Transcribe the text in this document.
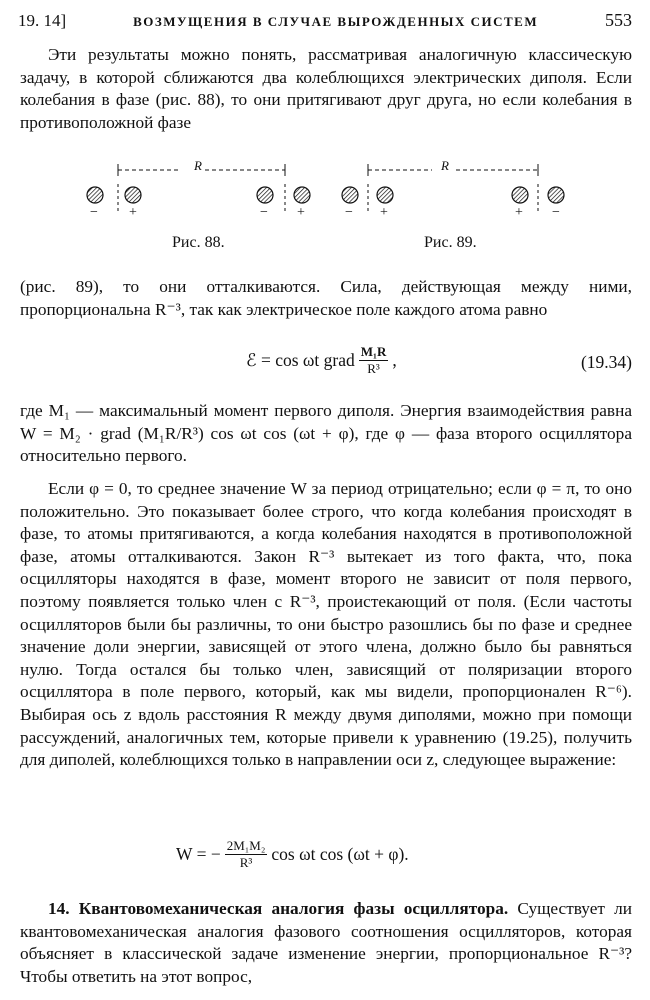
19. 14]	ВОЗМУЩЕНИЯ В СЛУЧАЕ ВЫРОЖДЕННЫХ СИСТЕМ	553
Эти результаты можно понять, рассматривая аналогичную классическую задачу, в которой сближаются два колеблющихся электрических диполя. Если колебания в фазе (рис. 88), то они притягивают друг друга, но если колебания в противоположной фазе
R
− +	− +
R
− +	+ −
Рис. 88.	Рис. 89.
(рис. 89), то они отталкиваются. Сила, действующая между ними, пропорциональна R⁻³, так как электрическое поле каждого атома равно
ℰ = cos ωt grad $\frac{\text{M₁R}}{\text{R³}}$ ,	(19.34)
где M₁ — максимальный момент первого диполя. Энергия взаимодействия равна W = M₂ · grad (M₁R/R³) cos ωt cos (ωt + φ), где φ — фаза второго осциллятора относительно первого.
Если φ = 0, то среднее значение W за период отрицательно; если φ = π, то оно положительно. Это показывает более строго, что когда колебания происходят в фазе, то атомы притягиваются, а когда колебания находятся в противоположной фазе, атомы отталкиваются. Закон R⁻³ вытекает из того факта, что, пока осцилляторы находятся в фазе, момент второго не зависит от поля первого, поэтому появляется только член с R⁻³, проистекающий от поля. (Если частоты осцилляторов были бы различны, то они быстро разошлись бы по фазе и среднее значение доли энергии, зависящей от этого члена, должно было бы равняться нулю. Тогда остался бы только член, зависящий от поляризации второго осциллятора в поле первого, который, как мы видели, пропорционален R⁻⁶). Выбирая ось z вдоль расстояния R между двумя диполями, можно при помощи рассуждений, аналогичных тем, которые привели к уравнению (19.25), получить для диполей, колеблющихся только в направлении оси z, следующее выражение:
W = − $\frac{\text{2M₁M₂}}{\text{R³}}$ cos ωt cos (ωt + φ).
14. Квантовомеханическая аналогия фазы осциллятора. Существует ли квантовомеханическая аналогия фазового соотношения осцилляторов, которая объясняет в классической задаче изменение энергии, пропорциональное R⁻³? Чтобы ответить на этот вопрос,
